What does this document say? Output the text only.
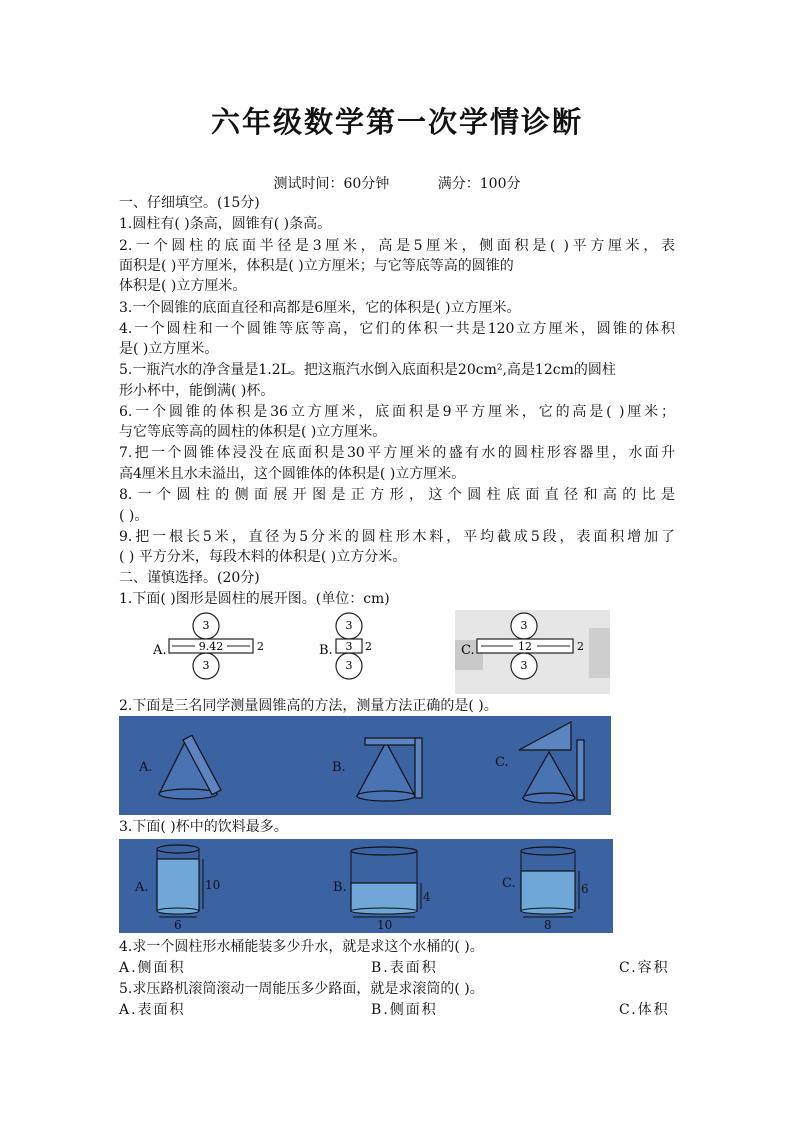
六年级数学第一次学情诊断
测试时间：60分钟	满分：100分
一、仔细填空。(15分)
1.圆柱有( )条高，圆锥有( )条高。
2.一个圆柱的底面半径是3厘米，高是5厘米，侧面积是( )平方厘米，表
面积是( )平方厘米，体积是( )立方厘米；与它等底等高的圆锥的
体积是( )立方厘米。
3.一个圆锥的底面直径和高都是6厘米，它的体积是( )立方厘米。
4.一个圆柱和一个圆锥等底等高，它们的体积一共是120立方厘米，圆锥的体积
是( )立方厘米。
5.一瓶汽水的净含量是1.2L。把这瓶汽水倒入底面积是20cm²,高是12cm的圆柱
形小杯中，能倒满( )杯。
6.一个圆锥的体积是36立方厘米，底面积是9平方厘米，它的高是( )厘米；
与它等底等高的圆柱的体积是( )立方厘米。
7.把一个圆锥体浸没在底面积是30平方厘米的盛有水的圆柱形容器里，水面升
高4厘米且水未溢出，这个圆锥体的体积是( )立方厘米。
8.一个圆柱的侧面展开图是正方形，这个圆柱底面直径和高的比是
( )。
9.把一根长5米，直径为5分米的圆柱形木料，平均截成5段，表面积增加了
( ) 平方分米，每段木料的体积是( )立方分米。
二、谨慎选择。(20分)
1.下面( )图形是圆柱的展开图。(单位：cm)
A.
3
3
9.42	2	B.
3
3
3 2	C.
3
3
12	2
2.下面是三名同学测量圆锥高的方法，测量方法正确的是( )。
A.	B.	C.
3.下面( )杯中的饮料最多。
A.	10
6
B.
4
10
C.	6
8
4.求一个圆柱形水桶能装多少升水，就是求这个水桶的( )。
A.侧面积	B.表面积	C.容积
5.求压路机滚筒滚动一周能压多少路面，就是求滚筒的( )。
A.表面积	B.侧面积	C.体积
